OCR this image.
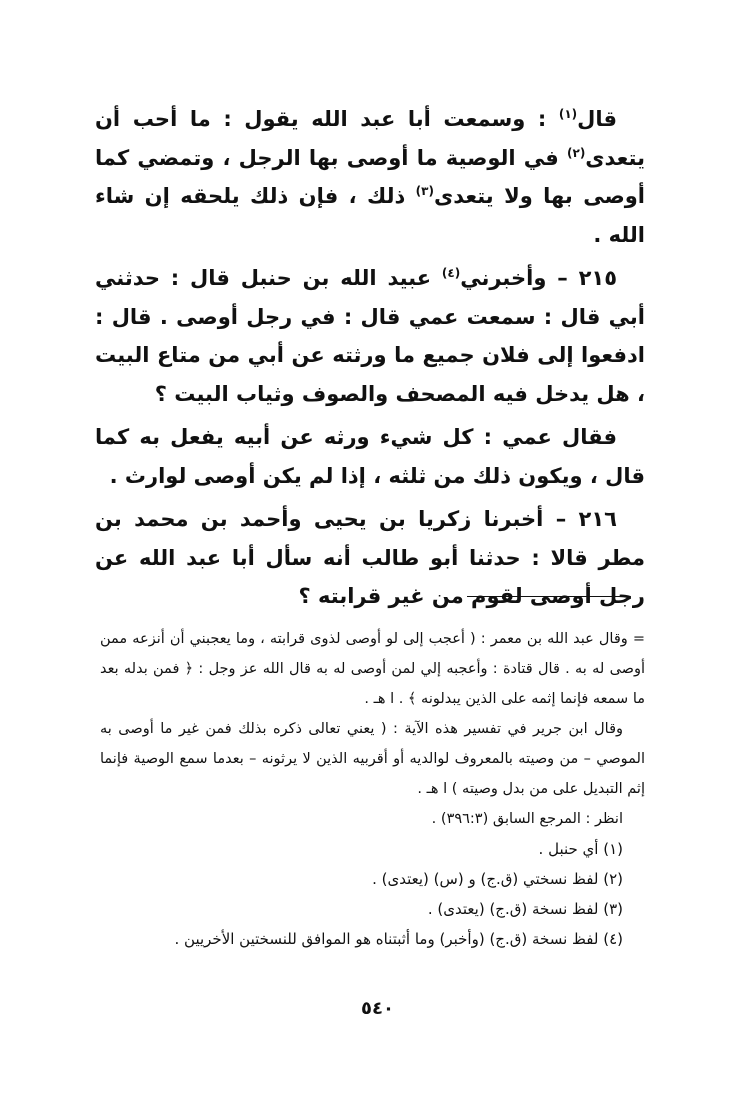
قال$^{(١)}$ : وسمعت أبا عبد الله يقول : ما أحب أن يتعدى$^{(٢)}$ في الوصية ما أوصى بها الرجل ، وتمضي كما أوصى بها ولا يتعدى$^{(٣)}$ ذلك ، فإن ذلك يلحقه إن شاء الله .

٢١٥ – وأخبرني$^{(٤)}$ عبيد الله بن حنبل قال : حدثني أبي قال : سمعت عمي قال : في رجل أوصى . قال : ادفعوا إلى فلان جميع ما ورثته عن أبي من متاع البيت ، هل يدخل فيه المصحف والصوف وثياب البيت ؟

فقال عمي : كل شيء ورثه عن أبيه يفعل به كما قال ، ويكون ذلك من ثلثه ، إذا لم يكن أوصى لوارث .

٢١٦ – أخبرنا زكريا بن يحيى وأحمد بن محمد بن مطر قالا : حدثنا أبو طالب أنه سأل أبا عبد الله عن رجل أوصى لقوم من غير قرابته ؟

= وقال عبد الله بن معمر : ( أعجب إلى لو أوصى لذوى قرابته ، وما يعجبني أن أنزعه ممن أوصى له به . قال قتادة : وأعجبه إلي لمن أوصى له به قال الله عز وجل : ﴿ فمن بدله بعد ما سمعه فإنما إثمه على الذين يبدلونه ﴾ . ا هـ .

وقال ابن جرير في تفسير هذه الآية : ( يعني تعالى ذكره بذلك فمن غير ما أوصى به الموصي – من وصيته بالمعروف لوالديه أو أقربيه الذين لا يرثونه – بعدما سمع الوصية فإنما إثم التبديل على من بدل وصيته ) ا هـ .

انظر : المرجع السابق (٣٩٦:٣) .

(١) أي حنبل .

(٢) لفظ نسختي (ق.ج) و (س) (يعتدى) .

(٣) لفظ نسخة (ق.ج) (يعتدى) .

(٤) لفظ نسخة (ق.ج) (وأخبر) وما أثبتناه هو الموافق للنسختين الأخريين .

٥٤٠
